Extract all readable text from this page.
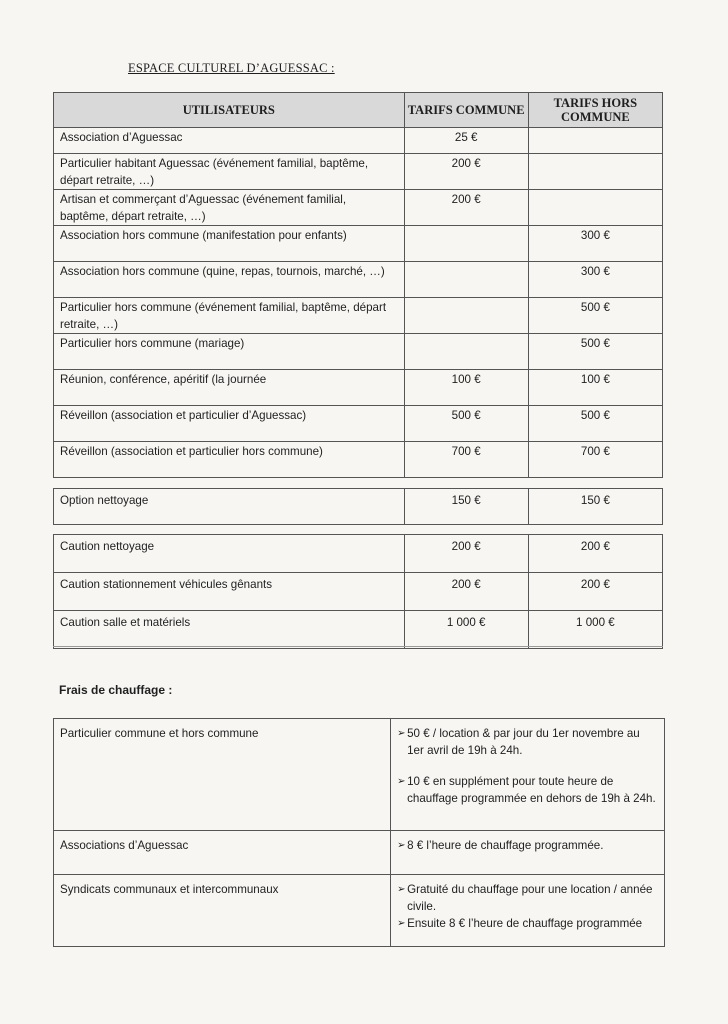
ESPACE CULTUREL D’AGUESSAC :
UTILISATEURS	TARIFS COMMUNE	TARIFS HORS COMMUNE
Association d’Aguessac	25 €	
Particulier habitant Aguessac (événement familial, baptême, départ retraite, …)	200 €	
Artisan et commerçant d’Aguessac (événement familial, baptême, départ retraite, …)	200 €	
Association hors commune (manifestation pour enfants)		300 €
Association hors commune (quine, repas, tournois, marché, …)		300 €
Particulier hors commune (événement familial, baptême, départ retraite, …)		500 €
Particulier hors commune (mariage)		500 €
Réunion, conférence, apéritif (la journée	100 €	100 €
Réveillon (association et particulier d’Aguessac)	500 €	500 €
Réveillon (association et particulier hors commune)	700 €	700 €
Option nettoyage	150 €	150 €
Caution nettoyage	200 €	200 €
Caution stationnement véhicules gênants	200 €	200 €
Caution salle et matériels	1 000 €	1 000 €
Frais de chauffage :
Particulier commune et hors commune	➢ 50 € / location & par jour du 1er novembre au 1er avril de 19h à 24h.
➢ 10 € en supplément pour toute heure de chauffage programmée en dehors de 19h à 24h.

Associations d’Aguessac	➢ 8 € l’heure de chauffage programmée.

Syndicats communaux et intercommunaux	➢ Gratuité du chauffage pour une location / année civile.
➢ Ensuite 8 € l’heure de chauffage programmée
